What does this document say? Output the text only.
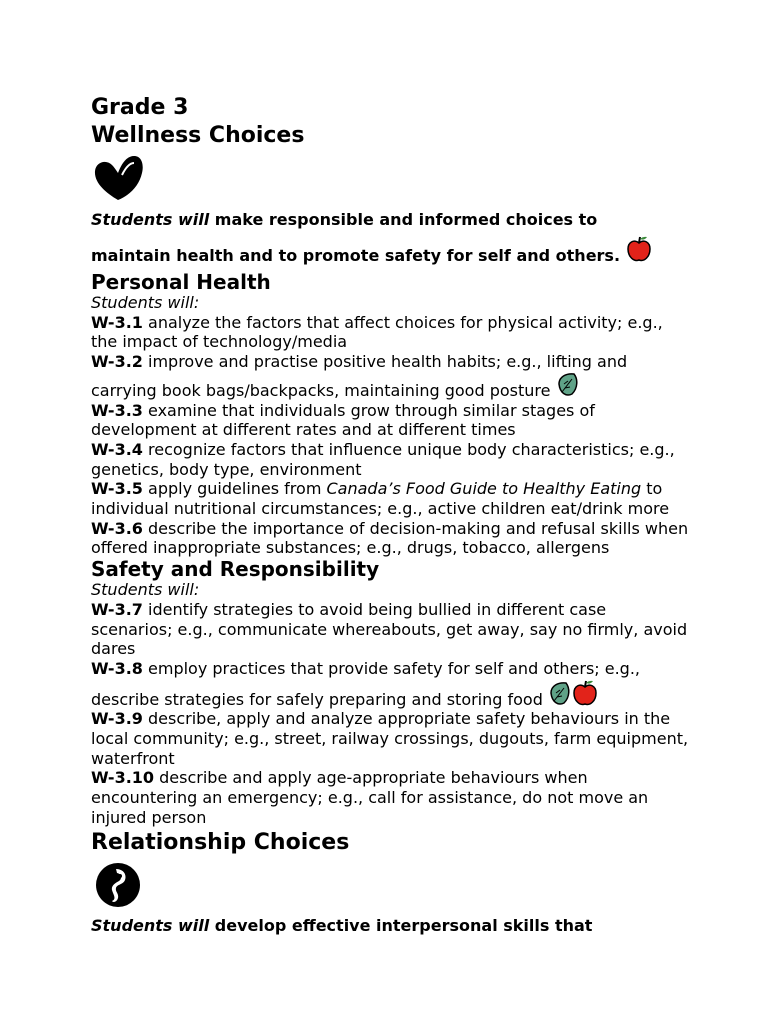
Grade 3
Wellness Choices

Students will make responsible and informed choices to
maintain health and to promote safety for self and others.

Personal Health

Students will:

W-3.1 analyze the factors that affect choices for physical activity; e.g., the impact of technology/media

W-3.2 improve and practise positive health habits; e.g., lifting and carrying book bags/backpacks, maintaining good posture

W-3.3 examine that individuals grow through similar stages of development at different rates and at different times

W-3.4 recognize factors that influence unique body characteristics; e.g., genetics, body type, environment

W-3.5 apply guidelines from Canada’s Food Guide to Healthy Eating to individual nutritional circumstances; e.g., active children eat/drink more

W-3.6 describe the importance of decision-making and refusal skills when offered inappropriate substances; e.g., drugs, tobacco, allergens

Safety and Responsibility

Students will:

W-3.7 identify strategies to avoid being bullied in different case scenarios; e.g., communicate whereabouts, get away, say no firmly, avoid dares

W-3.8 employ practices that provide safety for self and others; e.g., describe strategies for safely preparing and storing food

W-3.9 describe, apply and analyze appropriate safety behaviours in the local community; e.g., street, railway crossings, dugouts, farm equipment, waterfront

W-3.10 describe and apply age-appropriate behaviours when encountering an emergency; e.g., call for assistance, do not move an injured person

Relationship Choices

Students will develop effective interpersonal skills that
